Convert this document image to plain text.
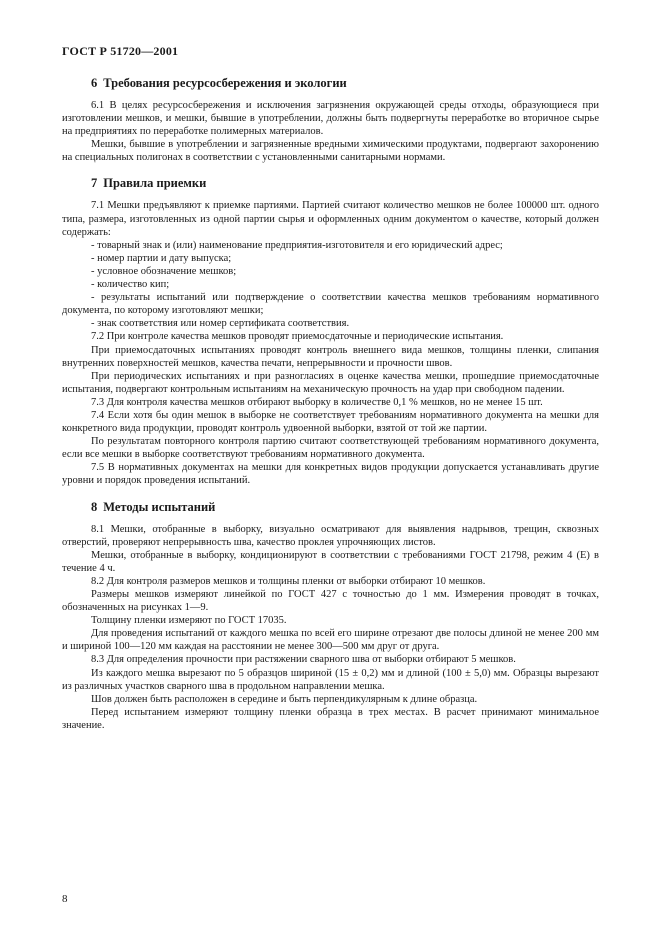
ГОСТ Р 51720—2001
6 Требования ресурсосбережения и экологии

6.1 В целях ресурсосбережения и исключения загрязнения окружающей среды отходы, образующиеся при изготовлении мешков, и мешки, бывшие в употреблении, должны быть подвергнуты переработке во вторичное сырье на предприятиях по переработке полимерных материалов.

Мешки, бывшие в употреблении и загрязненные вредными химическими продуктами, подвергают захоронению на специальных полигонах в соответствии с установленными санитарными нормами.

7 Правила приемки

7.1 Мешки предъявляют к приемке партиями. Партией считают количество мешков не более 100000 шт. одного типа, размера, изготовленных из одной партии сырья и оформленных одним документом о качестве, который должен содержать:

- товарный знак и (или) наименование предприятия-изготовителя и его юридический адрес;

- номер партии и дату выпуска;

- условное обозначение мешков;

- количество кип;

- результаты испытаний или подтверждение о соответствии качества мешков требованиям нормативного документа, по которому изготовляют мешки;

- знак соответствия или номер сертификата соответствия.

7.2 При контроле качества мешков проводят приемосдаточные и периодические испытания.

При приемосдаточных испытаниях проводят контроль внешнего вида мешков, толщины пленки, слипания внутренних поверхностей мешков, качества печати, непрерывности и прочности швов.

При периодических испытаниях и при разногласиях в оценке качества мешки, прошедшие приемосдаточные испытания, подвергают контрольным испытаниям на механическую прочность на удар при свободном падении.

7.3 Для контроля качества мешков отбирают выборку в количестве 0,1 % мешков, но не менее 15 шт.

7.4 Если хотя бы один мешок в выборке не соответствует требованиям нормативного документа на мешки для конкретного вида продукции, проводят контроль удвоенной выборки, взятой от той же партии.

По результатам повторного контроля партию считают соответствующей требованиям нормативного документа, если все мешки в выборке соответствуют требованиям нормативного документа.

7.5 В нормативных документах на мешки для конкретных видов продукции допускается устанавливать другие уровни и порядок проведения испытаний.

8 Методы испытаний

8.1 Мешки, отобранные в выборку, визуально осматривают для выявления надрывов, трещин, сквозных отверстий, проверяют непрерывность шва, качество проклея упрочняющих листов.

Мешки, отобранные в выборку, кондиционируют в соответствии с требованиями ГОСТ 21798, режим 4 (Е) в течение 4 ч.

8.2 Для контроля размеров мешков и толщины пленки от выборки отбирают 10 мешков.

Размеры мешков измеряют линейкой по ГОСТ 427 с точностью до 1 мм. Измерения проводят в точках, обозначенных на рисунках 1—9.

Толщину пленки измеряют по ГОСТ 17035.

Для проведения испытаний от каждого мешка по всей его ширине отрезают две полосы длиной не менее 200 мм и шириной 100—120 мм каждая на расстоянии не менее 300—500 мм друг от друга.

8.3 Для определения прочности при растяжении сварного шва от выборки отбирают 5 мешков.

Из каждого мешка вырезают по 5 образцов шириной (15 ± 0,2) мм и длиной (100 ± 5,0) мм. Образцы вырезают из различных участков сварного шва в продольном направлении мешка.

Шов должен быть расположен в середине и быть перпендикулярным к длине образца.

Перед испытанием измеряют толщину пленки образца в трех местах. В расчет принимают минимальное значение.

8
